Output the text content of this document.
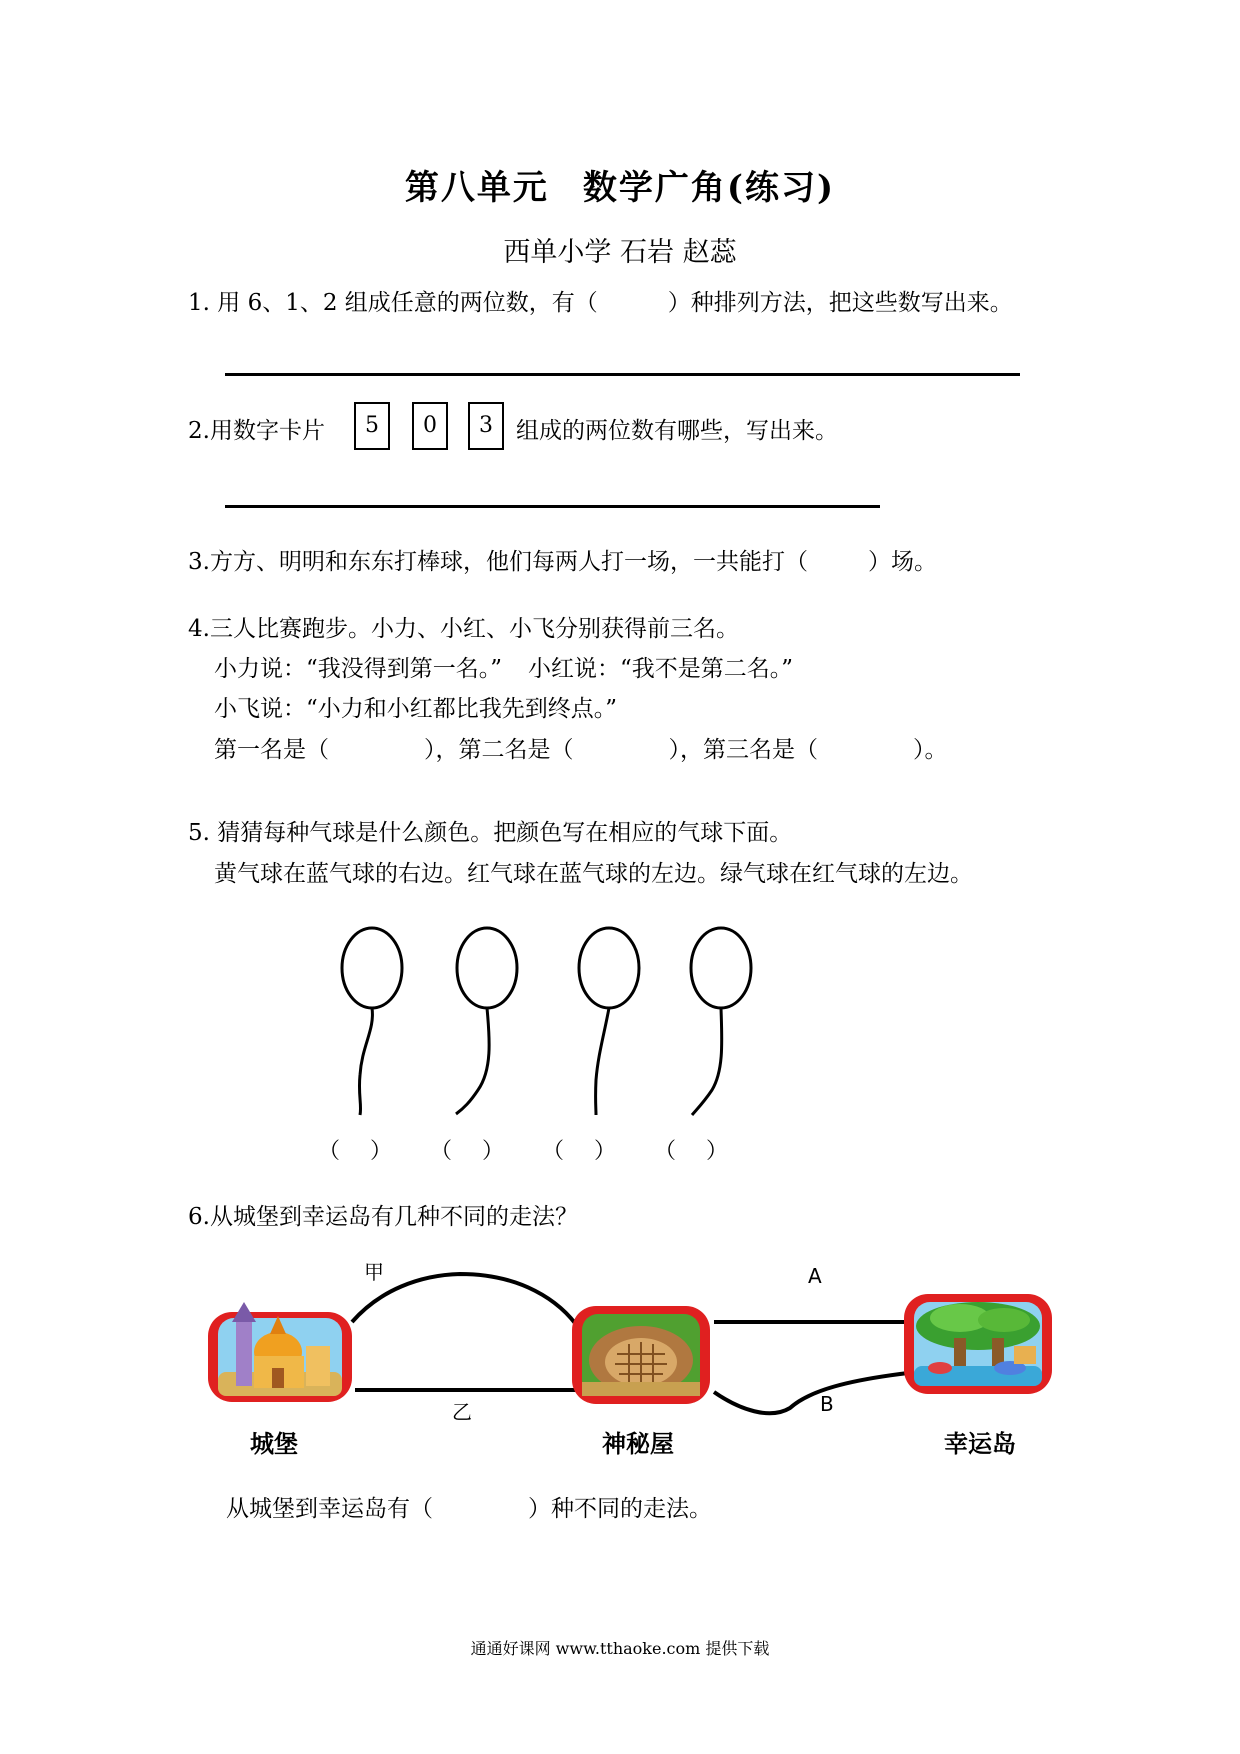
第八单元 数学广角(练习)
西单小学 石岩 赵蕊
1. 用 6、1、2 组成任意的两位数，有（	）种排列方法，把这些数写出来。
2.用数字卡片	5	0	3	组成的两位数有哪些，写出来。
3.方方、明明和东东打棒球，他们每两人打一场，一共能打（	）场。
4.三人比赛跑步。小力、小红、小飞分别获得前三名。
小力说：“我没得到第一名。” 小红说：“我不是第二名。”
小飞说：“小力和小红都比我先到终点。”
第一名是（	），第二名是（	），第三名是（	）。
5. 猜猜每种气球是什么颜色。把颜色写在相应的气球下面。
黄气球在蓝气球的右边。红气球在蓝气球的左边。绿气球在红气球的左边。
（ ） （ ） （ ） （ ）
6.从城堡到幸运岛有几种不同的走法？
甲
乙
A
B
城堡	神秘屋	幸运岛
从城堡到幸运岛有（	）种不同的走法。
通通好课网 www.tthaoke.com 提供下载
